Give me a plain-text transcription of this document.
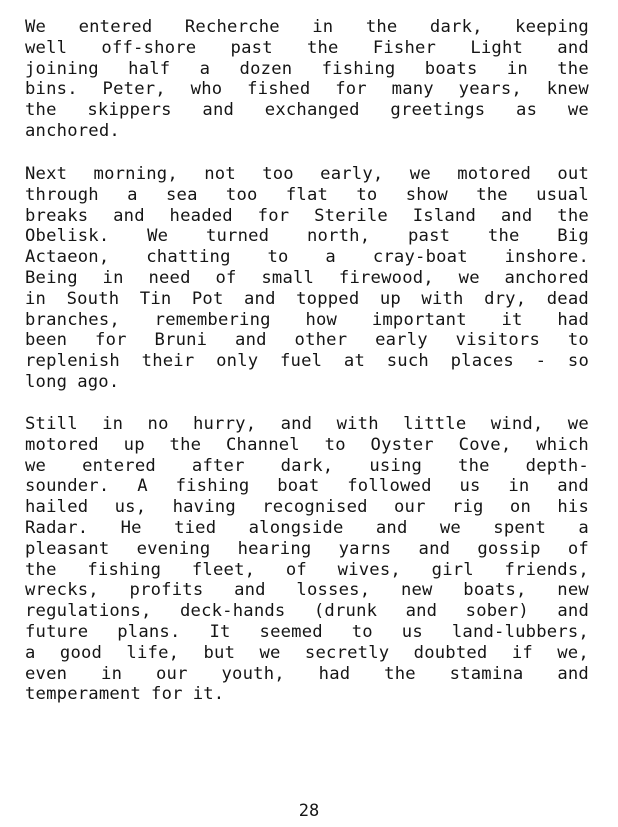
We entered Recherche in the dark, keeping
well off-shore past the Fisher Light and
joining half a dozen fishing boats in the
bins. Peter, who fished for many years, knew
the skippers and exchanged greetings as we
anchored.
Next morning, not too early, we motored out
through a sea too flat to show the usual
breaks and headed for Sterile Island and the
Obelisk. We turned north, past the Big
Actaeon, chatting to a cray-boat inshore.
Being in need of small firewood, we anchored
in South Tin Pot and topped up with dry, dead
branches, remembering how important it had
been for Bruni and other early visitors to
replenish their only fuel at such places - so
long ago.
Still in no hurry, and with little wind, we
motored up the Channel to Oyster Cove, which
we entered after dark, using the depth-
sounder. A fishing boat followed us in and
hailed us, having recognised our rig on his
Radar. He tied alongside and we spent a
pleasant evening hearing yarns and gossip of
the fishing fleet, of wives, girl friends,
wrecks, profits and losses, new boats, new
regulations, deck-hands (drunk and sober) and
future plans. It seemed to us land-lubbers,
a good life, but we secretly doubted if we,
even in our youth, had the stamina and
temperament for it.
28
